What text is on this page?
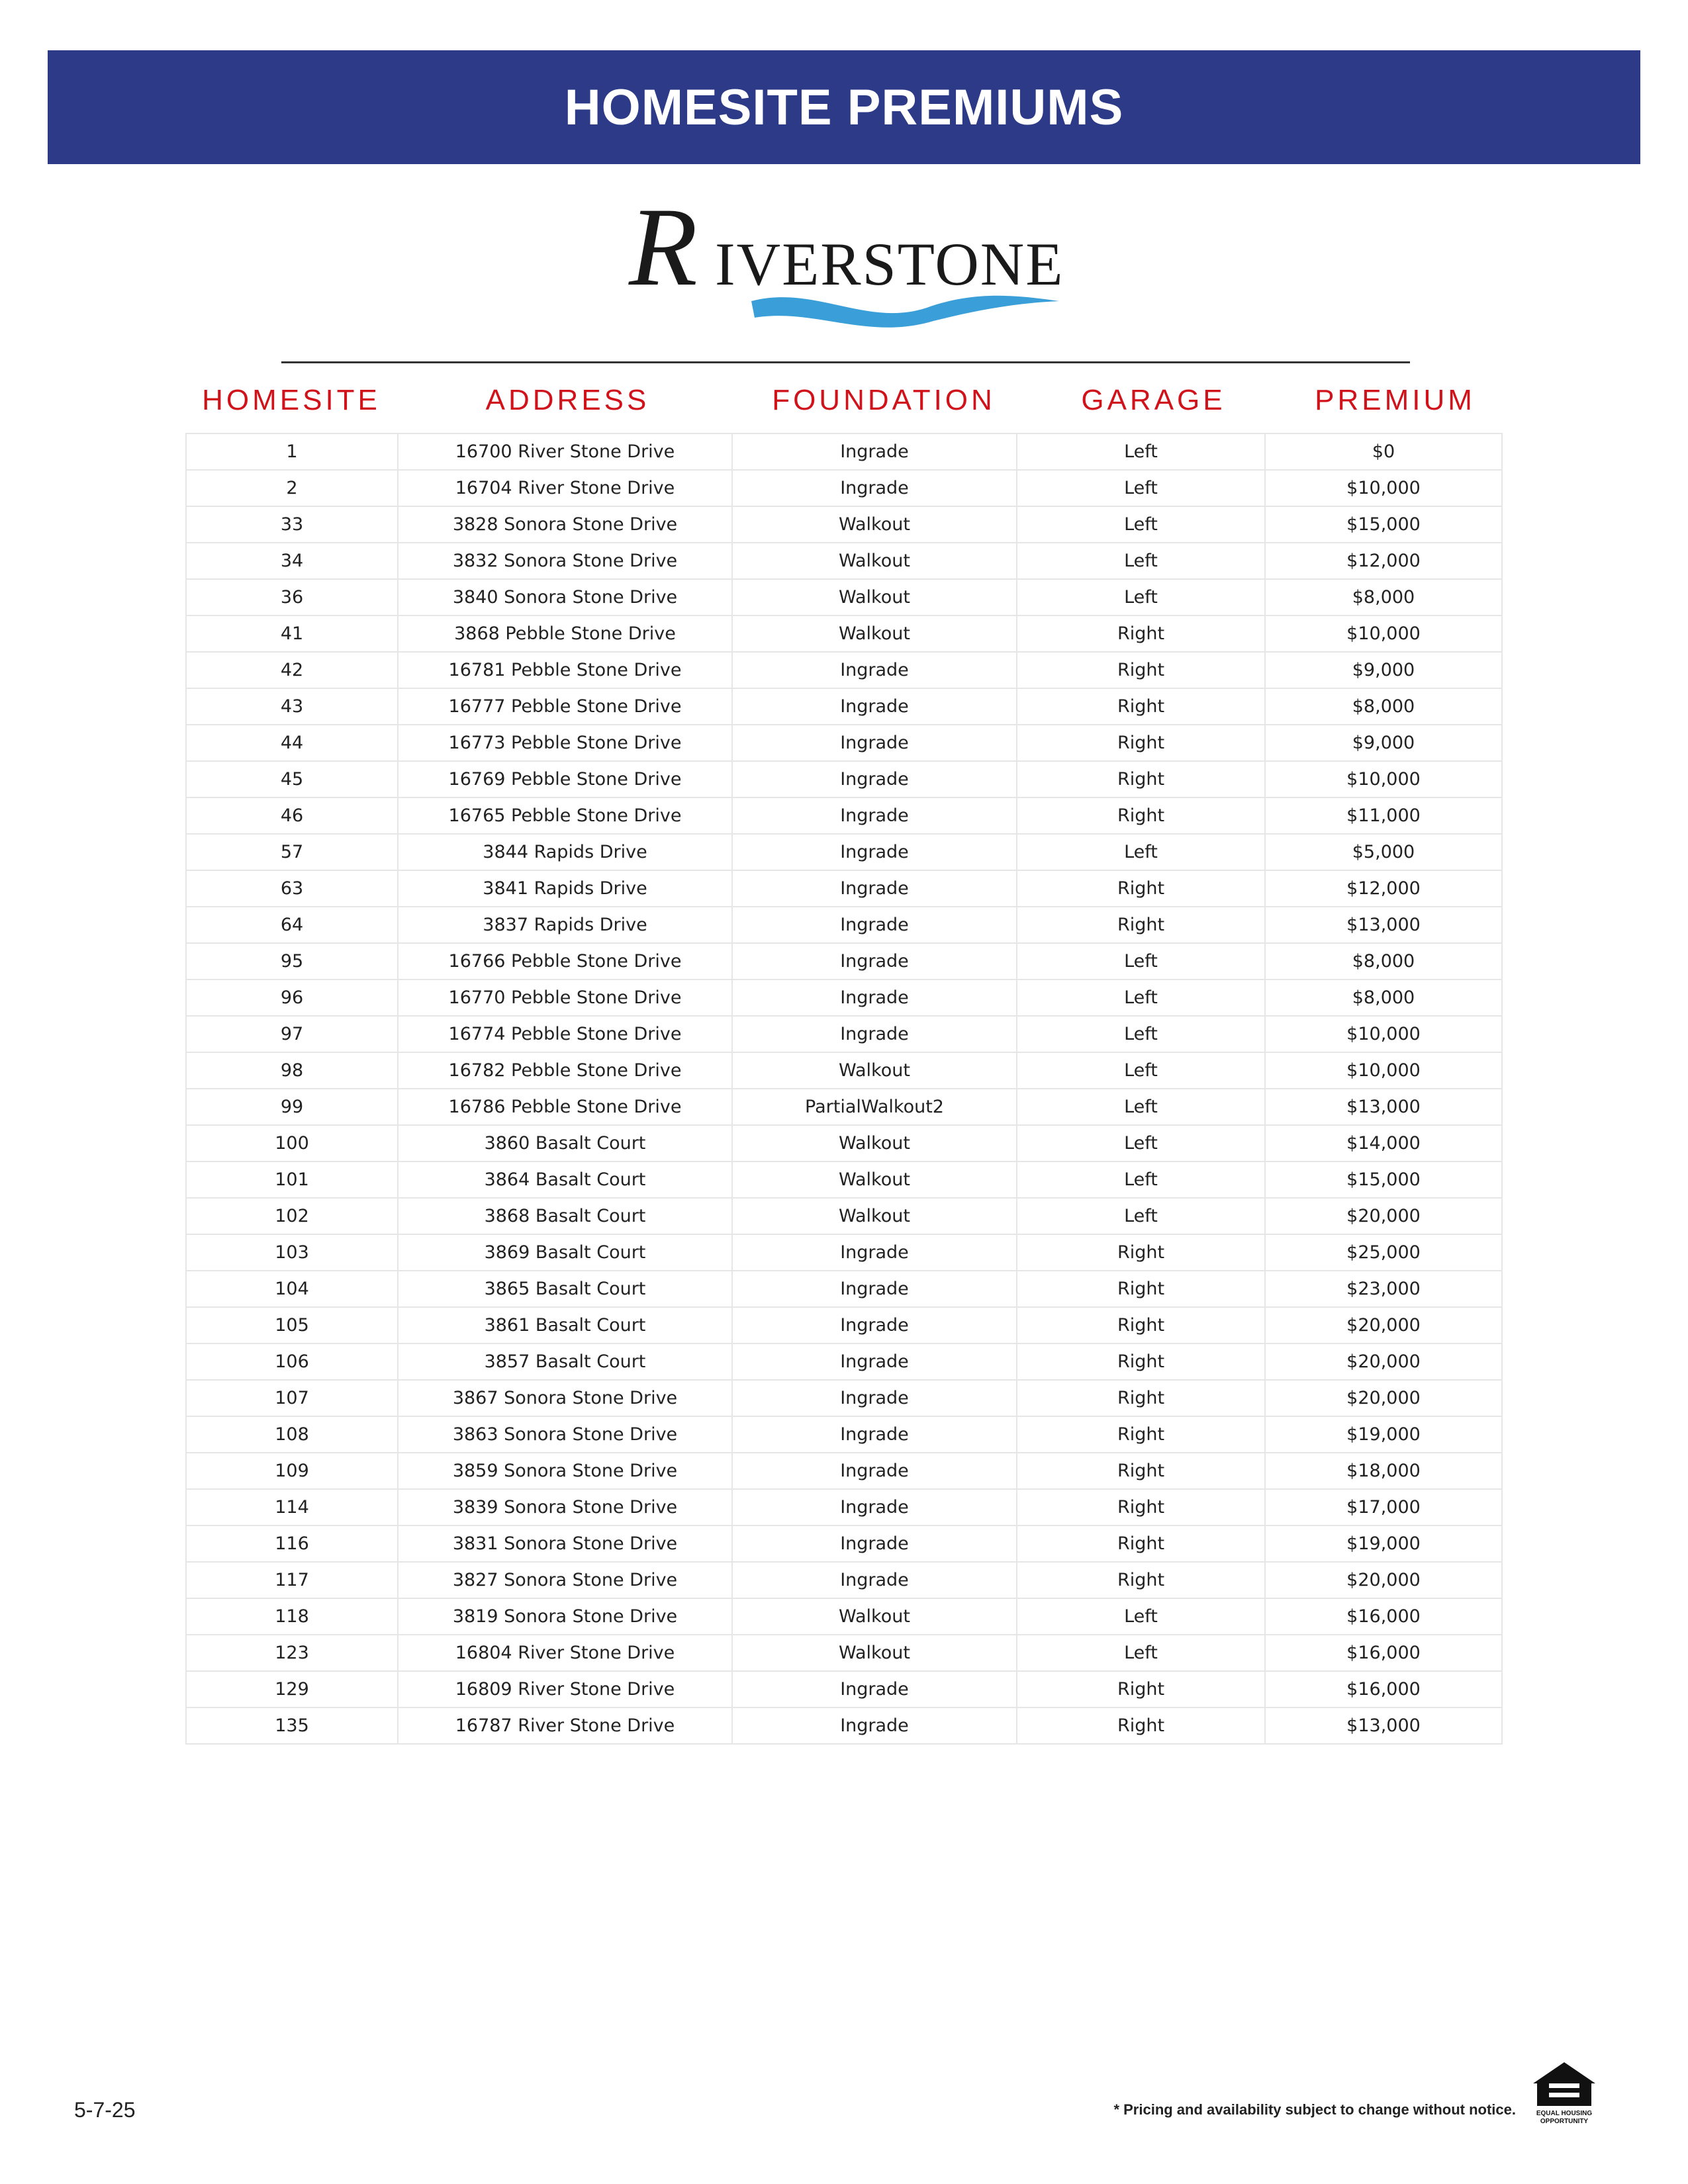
HOMESITE PREMIUMS
R IVERSTONE
HOMESITE	ADDRESS	FOUNDATION	GARAGE	PREMIUM
1	16700 River Stone Drive	Ingrade	Left	$0
2	16704 River Stone Drive	Ingrade	Left	$10,000
33	3828 Sonora Stone Drive	Walkout	Left	$15,000
34	3832 Sonora Stone Drive	Walkout	Left	$12,000
36	3840 Sonora Stone Drive	Walkout	Left	$8,000
41	3868 Pebble Stone Drive	Walkout	Right	$10,000
42	16781 Pebble Stone Drive	Ingrade	Right	$9,000
43	16777 Pebble Stone Drive	Ingrade	Right	$8,000
44	16773 Pebble Stone Drive	Ingrade	Right	$9,000
45	16769 Pebble Stone Drive	Ingrade	Right	$10,000
46	16765 Pebble Stone Drive	Ingrade	Right	$11,000
57	3844 Rapids Drive	Ingrade	Left	$5,000
63	3841 Rapids Drive	Ingrade	Right	$12,000
64	3837 Rapids Drive	Ingrade	Right	$13,000
95	16766 Pebble Stone Drive	Ingrade	Left	$8,000
96	16770 Pebble Stone Drive	Ingrade	Left	$8,000
97	16774 Pebble Stone Drive	Ingrade	Left	$10,000
98	16782 Pebble Stone Drive	Walkout	Left	$10,000
99	16786 Pebble Stone Drive	PartialWalkout2	Left	$13,000
100	3860 Basalt Court	Walkout	Left	$14,000
101	3864 Basalt Court	Walkout	Left	$15,000
102	3868 Basalt Court	Walkout	Left	$20,000
103	3869 Basalt Court	Ingrade	Right	$25,000
104	3865 Basalt Court	Ingrade	Right	$23,000
105	3861 Basalt Court	Ingrade	Right	$20,000
106	3857 Basalt Court	Ingrade	Right	$20,000
107	3867 Sonora Stone Drive	Ingrade	Right	$20,000
108	3863 Sonora Stone Drive	Ingrade	Right	$19,000
109	3859 Sonora Stone Drive	Ingrade	Right	$18,000
114	3839 Sonora Stone Drive	Ingrade	Right	$17,000
116	3831 Sonora Stone Drive	Ingrade	Right	$19,000
117	3827 Sonora Stone Drive	Ingrade	Right	$20,000
118	3819 Sonora Stone Drive	Walkout	Left	$16,000
123	16804 River Stone Drive	Walkout	Left	$16,000
129	16809 River Stone Drive	Ingrade	Right	$16,000
135	16787 River Stone Drive	Ingrade	Right	$13,000
5-7-25	* Pricing and availability subject to change without notice.	EQUAL HOUSING
OPPORTUNITY
